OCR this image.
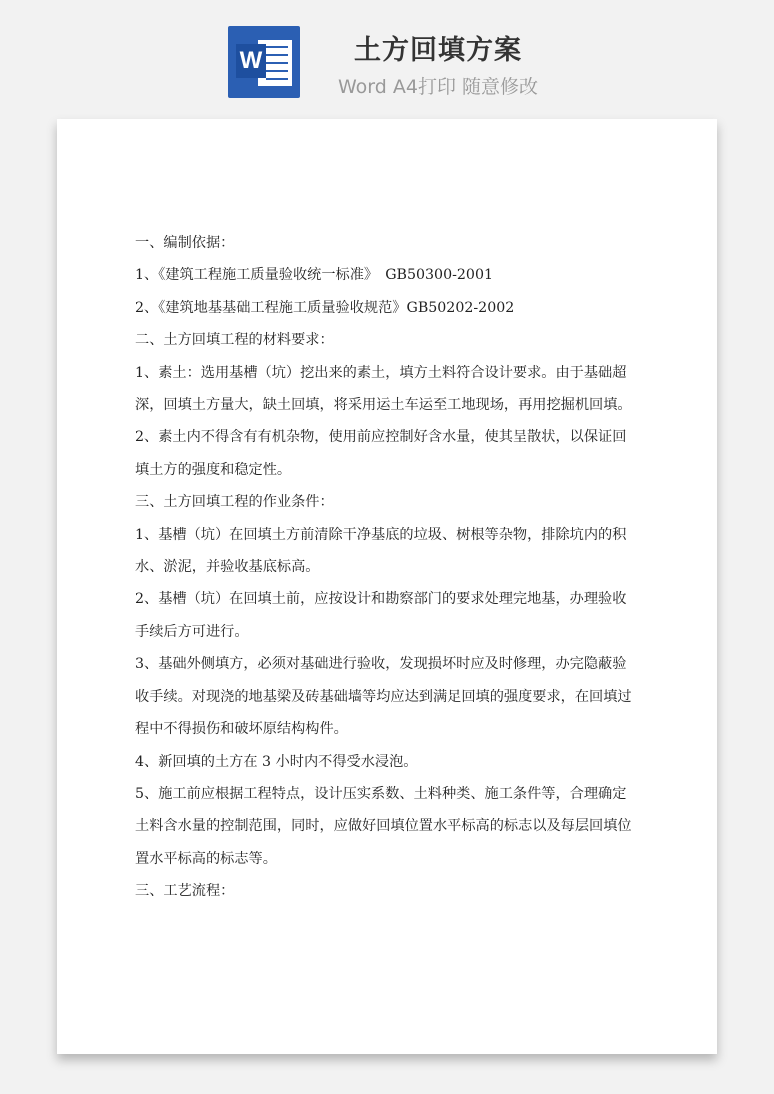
W	土方回填方案
Word A4打印 随意修改

一、编制依据：

1、《建筑工程施工质量验收统一标准》　GB50300-2001

2、《建筑地基基础工程施工质量验收规范》GB50202-2002

二、土方回填工程的材料要求：

1、素土：选用基槽（坑）挖出来的素土，填方土料符合设计要求。由于基础超深，回填土方量大，缺土回填，将采用运土车运至工地现场，再用挖掘机回填。

2、素土内不得含有有机杂物，使用前应控制好含水量，使其呈散状，以保证回填土方的强度和稳定性。

三、土方回填工程的作业条件：

1、基槽（坑）在回填土方前清除干净基底的垃圾、树根等杂物，排除坑内的积水、淤泥，并验收基底标高。

2、基槽（坑）在回填土前，应按设计和勘察部门的要求处理完地基，办理验收手续后方可进行。

3、基础外侧填方，必须对基础进行验收，发现损坏时应及时修理，办完隐蔽验收手续。对现浇的地基梁及砖基础墙等均应达到满足回填的强度要求，在回填过程中不得损伤和破坏原结构构件。

4、新回填的土方在 3 小时内不得受水浸泡。

5、施工前应根据工程特点，设计压实系数、土料种类、施工条件等，合理确定土料含水量的控制范围，同时，应做好回填位置水平标高的标志以及每层回填位置水平标高的标志等。

三、工艺流程：
